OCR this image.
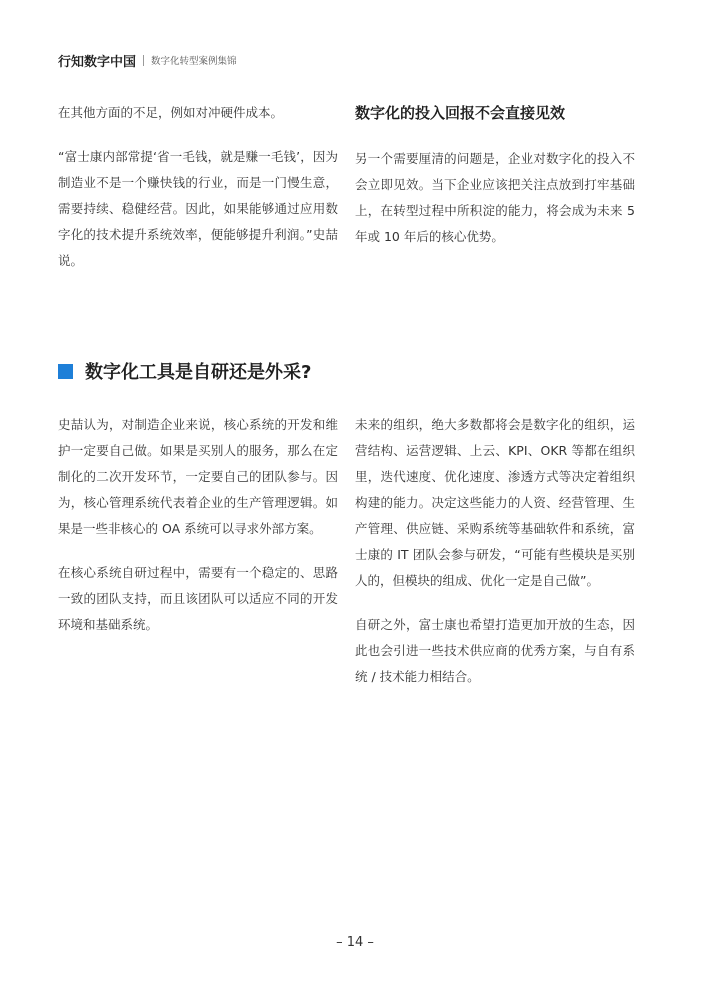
行知数字中国 数字化转型案例集锦

在其他方面的不足，例如对冲硬件成本。

“富士康内部常提‘省一毛钱，就是赚一毛钱’，因为制造业不是一个赚快钱的行业，而是一门慢生意，需要持续、稳健经营。因此，如果能够通过应用数字化的技术提升系统效率，便能够提升利润。”史喆说。

数字化的投入回报不会直接见效

另一个需要厘清的问题是，企业对数字化的投入不会立即见效。当下企业应该把关注点放到打牢基础上，在转型过程中所积淀的能力，将会成为未来 5 年或 10 年后的核心优势。

数字化工具是自研还是外采?

史喆认为，对制造企业来说，核心系统的开发和维护一定要自己做。如果是买别人的服务，那么在定制化的二次开发环节，一定要自己的团队参与。因为，核心管理系统代表着企业的生产管理逻辑。如果是一些非核心的 OA 系统可以寻求外部方案。

在核心系统自研过程中，需要有一个稳定的、思路一致的团队支持，而且该团队可以适应不同的开发环境和基础系统。

未来的组织，绝大多数都将会是数字化的组织，运营结构、运营逻辑、上云、KPI、OKR 等都在组织里，迭代速度、优化速度、渗透方式等决定着组织构建的能力。决定这些能力的人资、经营管理、生产管理、供应链、采购系统等基础软件和系统，富士康的 IT 团队会参与研发，“可能有些模块是买别人的，但模块的组成、优化一定是自己做”。

自研之外，富士康也希望打造更加开放的生态，因此也会引进一些技术供应商的优秀方案，与自有系统 / 技术能力相结合。

– 14 –
